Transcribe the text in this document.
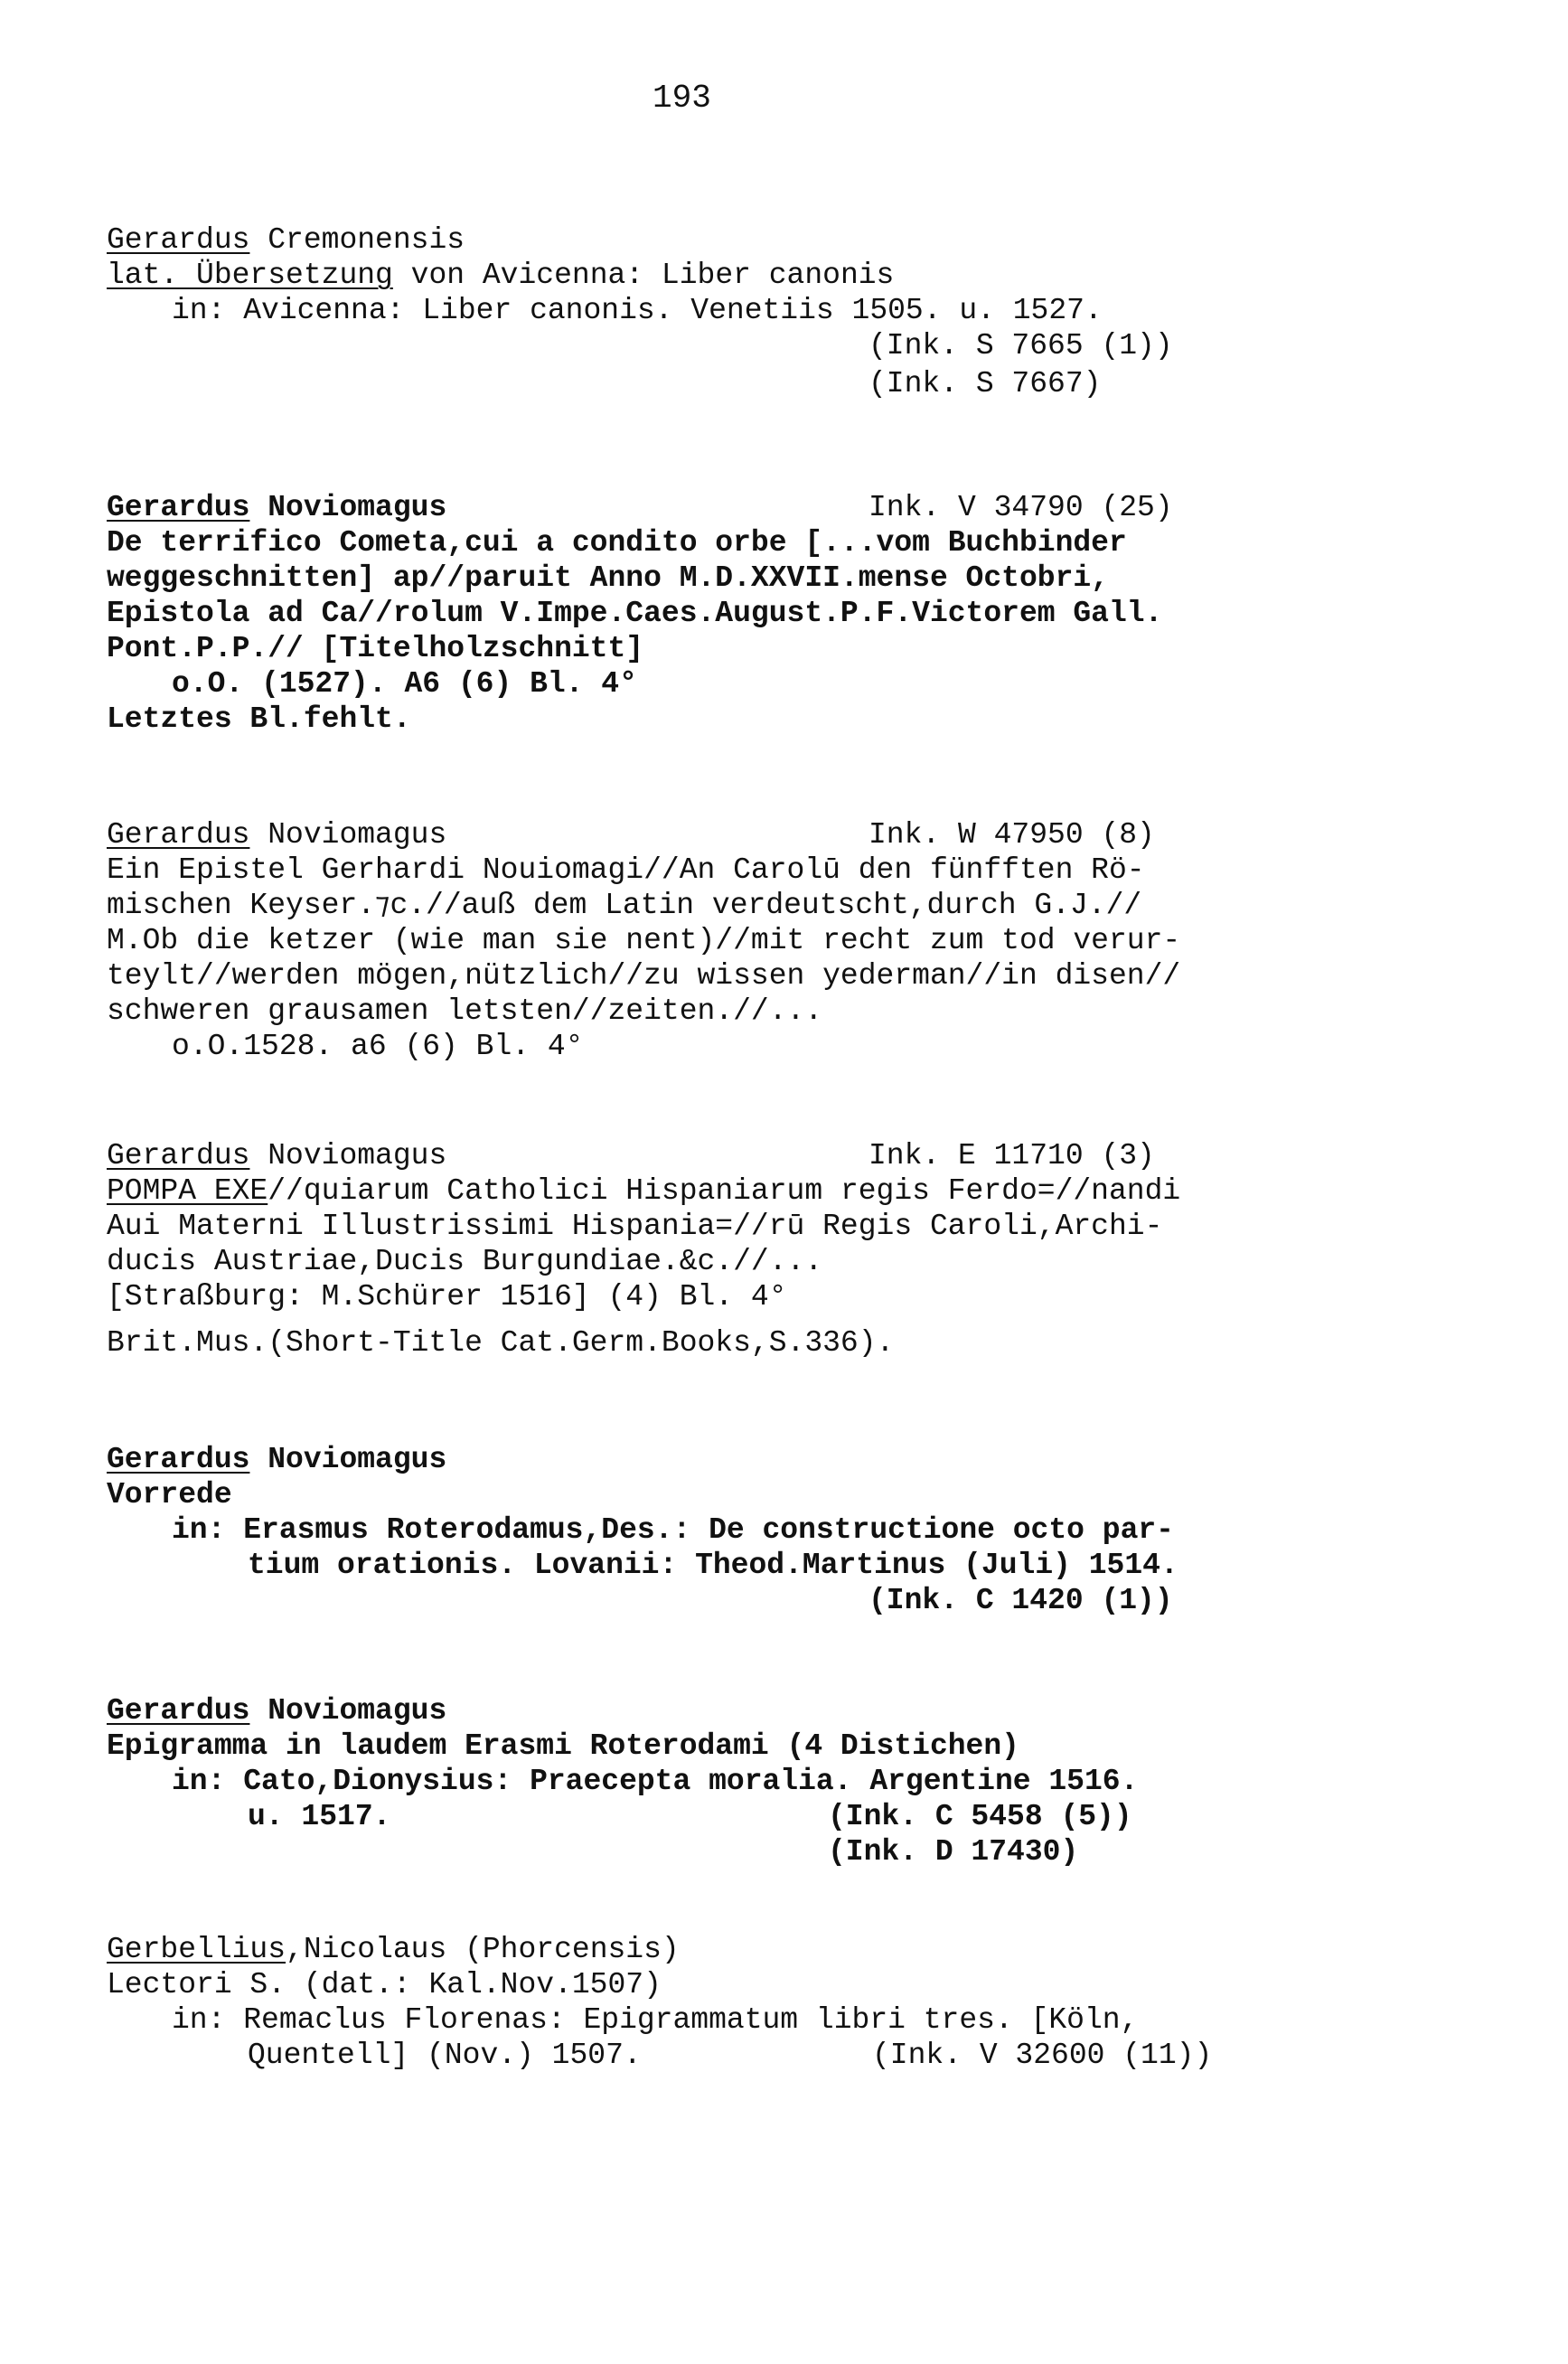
193
Gerardus Cremonensis
lat. Übersetzung von Avicenna: Liber canonis
in: Avicenna: Liber canonis. Venetiis 1505. u. 1527.
(Ink. S 7665 (1))
(Ink. S 7667)
Gerardus Noviomagus	Ink. V 34790 (25)
De terrifico Cometa,cui a condito orbe [...vom Buchbinder
weggeschnitten] ap//paruit Anno M.D.XXVII.mense Octobri,
Epistola ad Ca//rolum V.Impe.Caes.August.P.F.Victorem Gall.
Pont.P.P.// [Titelholzschnitt]
o.O. (1527). A6 (6) Bl. 4°
Letztes Bl.fehlt.
Gerardus Noviomagus	Ink. W 47950 (8)
Ein Epistel Gerhardi Nouiomagi//An Carolū den fünfften Rö-
mischen Keyser.⁊c.//auß dem Latin verdeutscht,durch G.J.//
M.Ob die ketzer (wie man sie nent)//mit recht zum tod verur-
teylt//werden mögen,nützlich//zu wissen yederman//in disen//
schweren grausamen letsten//zeiten.//...
o.O.1528. a6 (6) Bl. 4°
Gerardus Noviomagus	Ink. E 11710 (3)
POMPA EXE//quiarum Catholici Hispaniarum regis Ferdo=//nandi
Aui Materni Illustrissimi Hispania=//rū Regis Caroli,Archi-
ducis Austriae,Ducis Burgundiae.&c.//...
[Straßburg: M.Schürer 1516] (4) Bl. 4°
Brit.Mus.(Short-Title Cat.Germ.Books,S.336).
Gerardus Noviomagus
Vorrede
in: Erasmus Roterodamus,Des.: De constructione octo par-
tium orationis. Lovanii: Theod.Martinus (Juli) 1514.
(Ink. C 1420 (1))
Gerardus Noviomagus
Epigramma in laudem Erasmi Roterodami (4 Distichen)
in: Cato,Dionysius: Praecepta moralia. Argentine 1516.
u. 1517.	(Ink. C 5458 (5))
(Ink. D 17430)
Gerbellius,Nicolaus (Phorcensis)
Lectori S. (dat.: Kal.Nov.1507)
in: Remaclus Florenas: Epigrammatum libri tres. [Köln,
Quentell] (Nov.) 1507.	(Ink. V 32600 (11))
